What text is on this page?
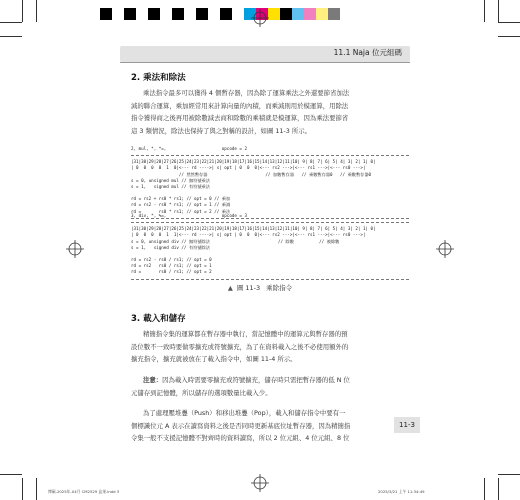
11.1 Naja 位元組碼
2. 乘法和除法
乘法指令最多可以獲得 4 個暫存器，因為除了運算乘法之外還要節省加法
減的聯合運算，乘加經常用來計算向量的內積，而乘減則用於模運算，用除法
指令獲得商之後再用被除數減去商和除數的乘積就是模運算，因為乘法要節省
這 3 類情況，除法也保持了與之對稱的設計，如圖 11-3 所示。
2, mul, *, *=,                      opcode = 2
|31|30|29|28|27|26|25|24|23|22|21|20|19|18|17|16|15|14|13|12|11|10| 9| 8| 7| 6| 5| 4| 3| 2| 1| 0|
| 0  0  0  0  1  0|<--- rd ---->| s| opt | 0  0  0|<--- rs2 --->|<--- rs1 --->|<--- rs0 --->|
// 然然暫存器                       // 加數暫存器   // 乘數暫存器0   // 乘數暫存器0
s = 0, unsigned mul // 無符號乘法
s = 1,   signed mul // 有符號乘法
rd = rs2 + rs0 * rs1; // opt = 0 // 乘加
rd = rs2 - rs0 * rs1; // opt = 1 // 乘減
rd =       rs0 * rs1; // opt = 2 // 乘法
3, div, *, %=,                      opcode = 3
|31|30|29|28|27|26|25|24|23|22|21|20|19|18|17|16|15|14|13|12|11|10| 9| 8| 7| 6| 5| 4| 3| 2| 1| 0|
| 0  0  0  0  1  1|<--- rd ---->| s| opt | 0  0  0|<--- rs2 --->|<--- rs1 --->|<--- rs0 --->|
s = 0, unsigned div // 無符號除法                           // 除數          // 被除數
s = 1,   signed div // 有符號除法
rd = rs2 - rs0 / rs1; // opt = 0
rd = rs2   rs0 / rs1; // opt = 1
rd =       rs0 / rs1; // opt = 2
▲ 圖 11-3 乘除指令
3. 載入和儲存
精簡指令集的運算都在暫存器中執行，當記憶體中的運算元與暫存器的預
設位數不一致時要做零擴充或符號擴充，為了在資料載入之後不必使用額外的
擴充指令，擴充就被放在了載入指令中，如圖 11-4 所示。
注意：因為載入時需要零擴充或符號擴充，儲存時只需把暫存器的低 N 位
元儲存到記憶體，所以儲存的選項數量比載入少。
為了處理壓堆疊（Push）和移出堆疊（Pop），載入和儲存指令中要有一
個標識位元 A 表示在讀寫資料之後是否同時更新基底位址暫存器，因為精簡指
令集一般不支援記憶體不對齊時的資料讀寫，所以 2 位元組、4 位元組、8 位
11-3
博碩-2025年-04月 CM2529 盒果.indd 3	2025/3/21 上午 11:34:49
